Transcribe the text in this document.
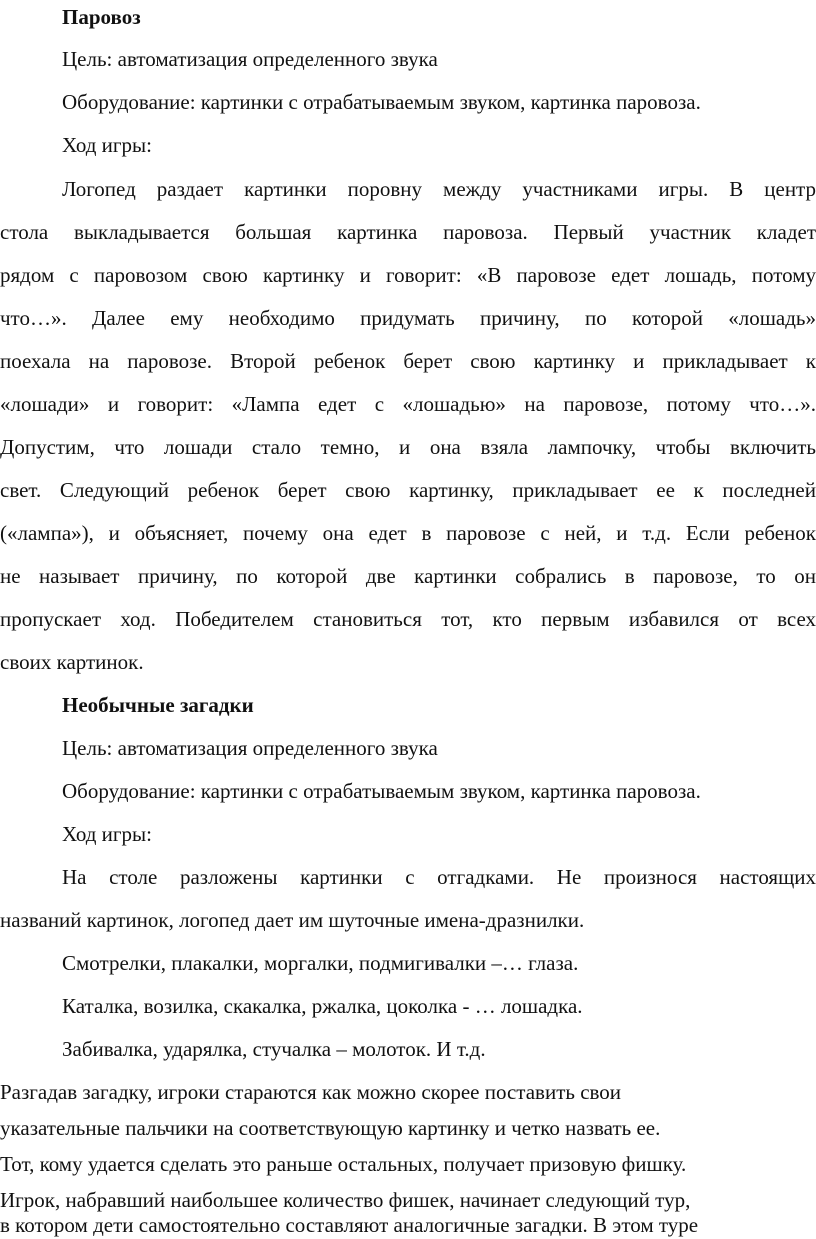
Паровоз
Цель: автоматизация определенного звука
Оборудование: картинки с отрабатываемым звуком, картинка паровоза.
Ход игры:
Логопед раздает картинки поровну между участниками игры. В центр
стола выкладывается большая картинка паровоза. Первый участник кладет
рядом с паровозом свою картинку и говорит: «В паровозе едет лошадь, потому
что…». Далее ему необходимо придумать причину, по которой «лошадь»
поехала на паровозе. Второй ребенок берет свою картинку и прикладывает к
«лошади» и говорит: «Лампа едет с «лошадью» на паровозе, потому что…».
Допустим, что лошади стало темно, и она взяла лампочку, чтобы включить
свет. Следующий ребенок берет свою картинку, прикладывает ее к последней
(«лампа»), и объясняет, почему она едет в паровозе с ней, и т.д. Если ребенок
не называет причину, по которой две картинки собрались в паровозе, то он
пропускает ход. Победителем становиться тот, кто первым избавился от всех
своих картинок.
Необычные загадки
Цель: автоматизация определенного звука
Оборудование: картинки с отрабатываемым звуком, картинка паровоза.
Ход игры:
На столе разложены картинки с отгадками. Не произнося настоящих
названий картинок, логопед дает им шуточные имена-дразнилки.
Смотрелки, плакалки, моргалки, подмигивалки –… глаза.
Каталка, возилка, скакалка, ржалка, цоколка - … лошадка.
Забивалка, ударялка, стучалка – молоток. И т.д.
Разгадав загадку, игроки стараются как можно скорее поставить свои
указательные пальчики на соответствующую картинку и четко назвать ее.
Тот, кому удается сделать это раньше остальных, получает призовую фишку.
Игрок, набравший наибольшее количество фишек, начинает следующий тур,
в котором дети самостоятельно составляют аналогичные загадки. В этом туре
